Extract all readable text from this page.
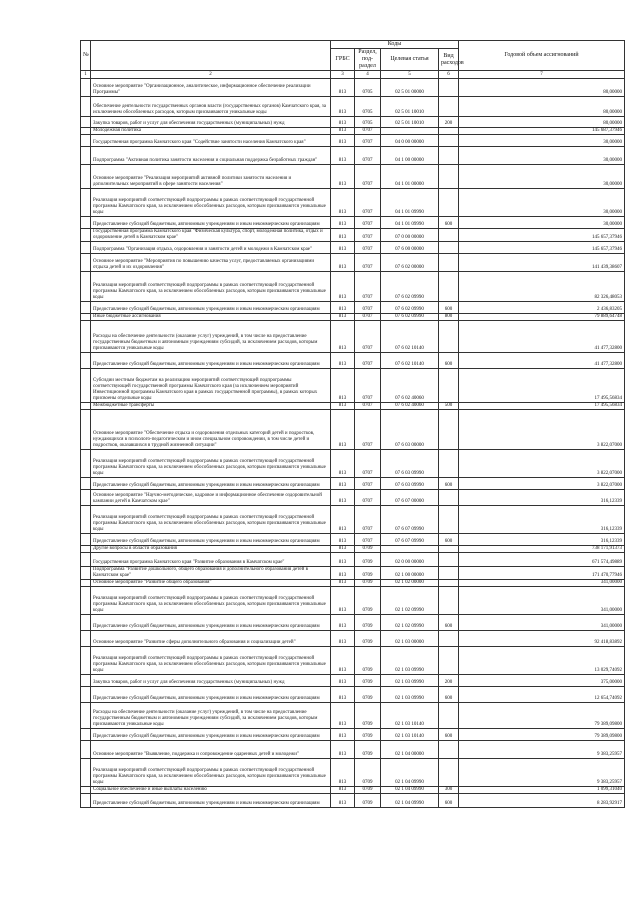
№		Коды				Годовой объем ассигнований
		ГРБС	Раздел, под-раздел	Целевая статья	Вид расходов	
1	2	3	4	5	6	7
	Основное мероприятие "Организационное, аналитическое, информационное обеспечение реализации Программы"	813	0705	02 5 01 00000		80,00000
	Обеспечение деятельности государственных органов власти (государственных органов) Камчатского края, за исключением обособленных расходов, которым присваиваются уникальные коды	813	0705	02 5 01 10010		80,00000
	Закупка товаров, работ и услуг для обеспечения государственных (муниципальных) нужд	813	0705	02 5 01 10010	200	80,00000
	Молодежная политика	813	0707			145 687,37946
	Государственная программа Камчатского края "Содействие занятости населения Камчатского края"	813	0707	04 0 00 00000		30,00000
	Подпрограмма "Активная политика занятости населения и социальная поддержка безработных граждан"	813	0707	04 1 00 00000		30,00000
	Основное мероприятие "Реализация мероприятий активной политики занятости населения и дополнительных мероприятий в сфере занятости населения"	813	0707	04 1 01 00000		30,00000
	Реализация мероприятий соответствующей подпрограммы в рамках соответствующей государственной программы Камчатского края, за исключением обособленных расходов, которым присваиваются уникальные коды	813	0707	04 1 01 09990		30,00000
	Предоставление субсидий бюджетным, автономным учреждениям и иным некоммерческим организациям	813	0707	04 1 01 09990	600	30,00000
	Государственная программа Камчатского края "Физическая культура, спорт, молодежная политика, отдых и оздоровление детей в Камчатском крае"	813	0707	07 0 00 00000		145 657,37946
	Подпрограмма "Организация отдыха, оздоровления и занятости детей и молодежи в Камчатском крае"	813	0707	07 6 00 00000		145 657,37946
	Основное мероприятие "Мероприятия по повышению качества услуг, предоставляемых организациями отдыха детей и их оздоровления"	813	0707	07 6 02 00000		141 439,38607
	Реализация мероприятий соответствующей подпрограммы в рамках соответствующей государственной программы Камчатского края, за исключением обособленных расходов, которым присваиваются уникальные коды	813	0707	07 6 02 09990		82 326,48053
	Предоставление субсидий бюджетным, автономным учреждениям и иным некоммерческим организациям	813	0707	07 6 02 09990	600	2 436,83205
	Иные бюджетные ассигнования	813	0707	07 6 02 09990	800	79 889,64748
	Расходы на обеспечение деятельности (оказание услуг) учреждений, в том числе на предоставление государственным бюджетным и автономным учреждениям субсидий, за исключением расходов, которым присваиваются уникальные коды	813	0707	07 6 02 10140		41 477,32800
	Предоставление субсидий бюджетным, автономным учреждениям и иным некоммерческим организациям	813	0707	07 6 02 10140	600	41 477,32800
	Субсидии местным бюджетам на реализацию мероприятий соответствующей подпрограммы соответствующей государственной программы Камчатского края (за исключением мероприятий Инвестиционной программы Камчатского края в рамках государственной программы), в рамках которых присвоены отдельные коды	813	0707	07 6 02 40060		17 495,56834
	Межбюджетные трансферты	813	0707	07 6 02 40060	500	17 495,56834
	Основное мероприятие "Обеспечение отдыха и оздоровления отдельных категорий детей и подростков, нуждающихся в психолого-педагогическом и ином специальном сопровождении, в том числе детей и подростков, оказавшихся в трудной жизненной ситуации"	813	0707	07 6 03 00000		3 822,07000
	Реализация мероприятий соответствующей подпрограммы в рамках соответствующей государственной программы Камчатского края, за исключением обособленных расходов, которым присваиваются уникальные коды	813	0707	07 6 03 09990		3 822,07000
	Предоставление субсидий бюджетным, автономным учреждениям и иным некоммерческим организациям	813	0707	07 6 03 09990	600	3 822,07000
	Основное мероприятие "Научно-методическое, кадровое и информационное обеспечение оздоровительной кампании детей в Камчатском крае"	813	0707	07 6 07 00000		316,12339
	Реализация мероприятий соответствующей подпрограммы в рамках соответствующей государственной программы Камчатского края, за исключением обособленных расходов, которым присваиваются уникальные коды	813	0707	07 6 07 09990		316,12339
	Предоставление субсидий бюджетным, автономным учреждениям и иным некоммерческим организациям	813	0707	07 6 07 09990	600	316,12339
	Другие вопросы в области образования	813	0709			738 171,91373
	Государственная программа Камчатского края "Развитие образования в Камчатском крае"	813	0709	02 0 00 00000		671 574,49889
	Подпрограмма "Развитие дошкольного, общего образования и дополнительного образования детей в Камчатском крае"	813	0709	02 1 00 00000		171 470,77946
	Основное мероприятие "Развитие общего образования"	813	0709	02 1 02 00000		341,00000
	Реализация мероприятий соответствующей подпрограммы в рамках соответствующей государственной программы Камчатского края, за исключением обособленных расходов, которым присваиваются уникальные коды	813	0709	02 1 02 09990		341,00000
	Предоставление субсидий бюджетным, автономным учреждениям и иным некоммерческим организациям	813	0709	02 1 02 09990	600	341,00000
	Основное мероприятие "Развитие сферы дополнительного образования и социализации детей"	813	0709	02 1 03 00000		92 418,83892
	Реализация мероприятий соответствующей подпрограммы в рамках соответствующей государственной программы Камчатского края, за исключением обособленных расходов, которым присваиваются уникальные коды	813	0709	02 1 03 09990		13 029,74092
	Закупка товаров, работ и услуг для обеспечения государственных (муниципальных) нужд	813	0709	02 1 03 09990	200	375,00000
	Предоставление субсидий бюджетным, автономным учреждениям и иным некоммерческим организациям	813	0709	02 1 03 09990	600	12 654,74092
	Расходы на обеспечение деятельности (оказание услуг) учреждений, в том числе на предоставление государственным бюджетным и автономным учреждениям субсидий, за исключением расходов, которым присваиваются уникальные коды	813	0709	02 1 03 10140		79 389,09800
	Предоставление субсидий бюджетным, автономным учреждениям и иным некоммерческим организациям	813	0709	02 1 03 10140	600	79 389,09800
	Основное мероприятие "Выявление, поддержка и сопровождение одаренных детей и молодежи"	813	0709	02 1 04 00000		9 383,25957
	Реализация мероприятий соответствующей подпрограммы в рамках соответствующей государственной программы Камчатского края, за исключением обособленных расходов, которым присваиваются уникальные коды	813	0709	02 1 04 09990		9 383,25957
	Социальное обеспечение и иные выплаты населению	813	0709	02 1 04 09990	300	1 099,31040
	Предоставление субсидий бюджетным, автономным учреждениям и иным некоммерческим организациям	813	0709	02 1 04 09990	600	8 283,92917
